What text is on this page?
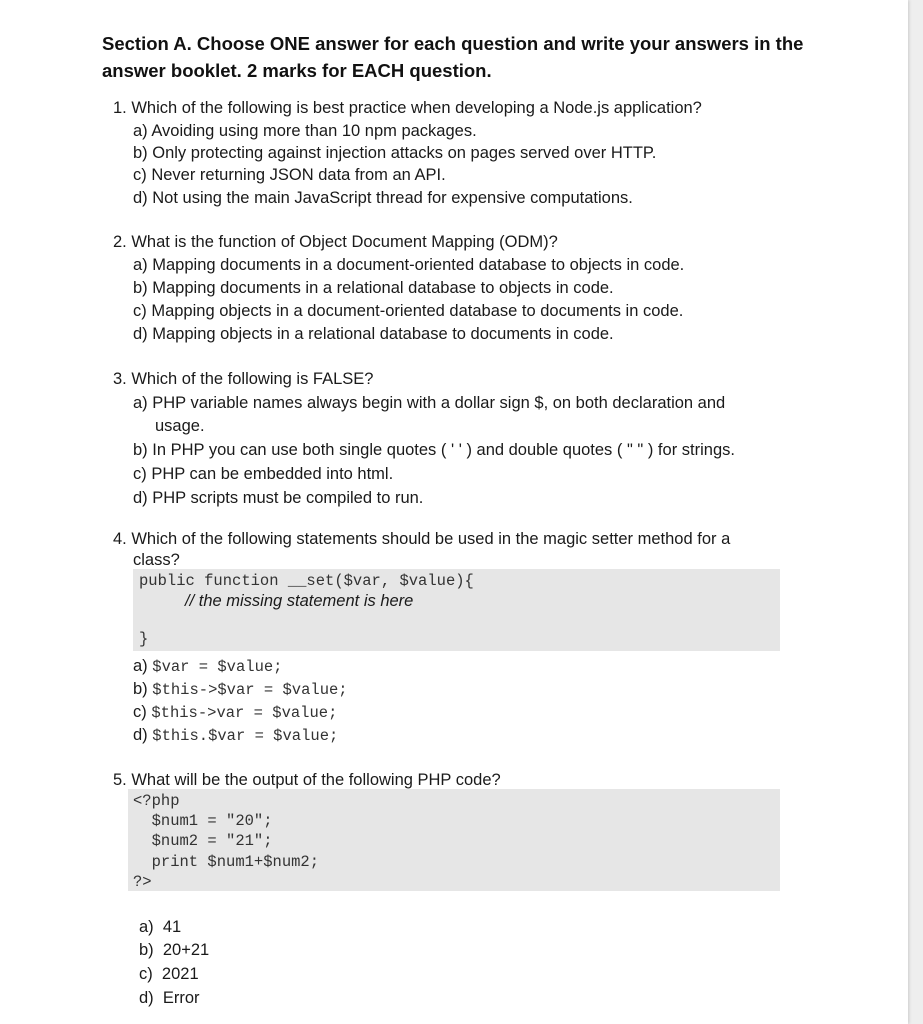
Section A. Choose ONE answer for each question and write your answers in the answer booklet. 2 marks for EACH question.
1. Which of the following is best practice when developing a Node.js application?
a) Avoiding using more than 10 npm packages.
b) Only protecting against injection attacks on pages served over HTTP.
c) Never returning JSON data from an API.
d) Not using the main JavaScript thread for expensive computations.
2. What is the function of Object Document Mapping (ODM)?
a) Mapping documents in a document-oriented database to objects in code.
b) Mapping documents in a relational database to objects in code.
c) Mapping objects in a document-oriented database to documents in code.
d) Mapping objects in a relational database to documents in code.
3. Which of the following is FALSE?
a) PHP variable names always begin with a dollar sign $, on both declaration and
usage.
b) In PHP you can use both single quotes ( ' ' ) and double quotes ( " " ) for strings.
c) PHP can be embedded into html.
d) PHP scripts must be compiled to run.
4. Which of the following statements should be used in the magic setter method for a
class?
public function __set($var, $value){
// the missing statement is here
}
a) $var = $value;
b) $this->$var = $value;
c) $this->var = $value;
d) $this.$var = $value;
5. What will be the output of the following PHP code?
<?php
$num1 = "20";
$num2 = "21";
print $num1+$num2;
?>
a)  41
b)  20+21
c)  2021
d)  Error
